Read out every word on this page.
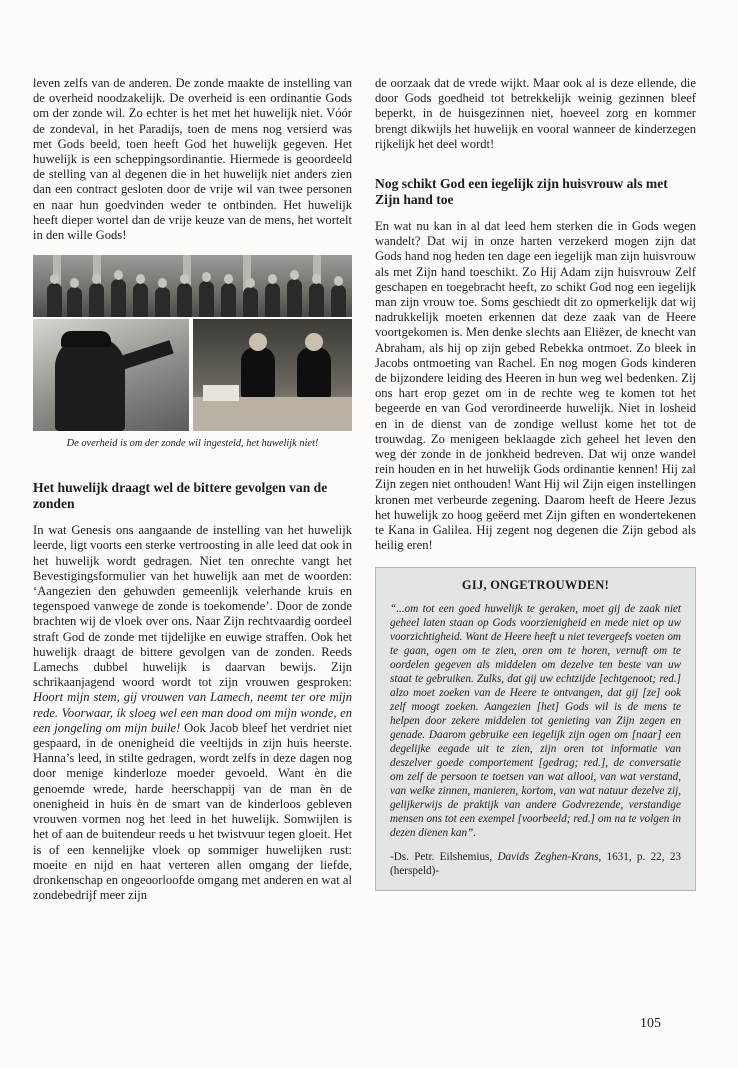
leven zelfs van de anderen. De zonde maakte de instelling van de overheid noodzakelijk. De overheid is een ordinantie Gods om der zonde wil. Zo echter is het met het huwelijk niet. Vóór de zondeval, in het Paradijs, toen de mens nog versierd was met Gods beeld, toen heeft God het huwelijk gegeven. Het huwelijk is een scheppingsordinantie. Hiermede is geoordeeld de stelling van al degenen die in het huwelijk niet anders zien dan een contract gesloten door de vrije wil van twee personen en naar hun goedvinden weder te ontbinden. Het huwelijk heeft dieper wortel dan de vrije keuze van de mens, het wortelt in den wille Gods!

De overheid is om der zonde wil ingesteld, het huwelijk niet!
Het huwelijk draagt wel de bittere gevolgen van de zonden

In wat Genesis ons aangaande de instelling van het huwelijk leerde, ligt voorts een sterke vertroosting in alle leed dat ook in het huwelijk wordt gedragen. Niet ten onrechte vangt het Bevestigingsformulier van het huwelijk aan met de woorden: ‘Aangezien den gehuwden gemeenlijk velerhande kruis en tegenspoed vanwege de zonde is toekomende’. Door de zonde brachten wij de vloek over ons. Naar Zijn rechtvaardig oordeel straft God de zonde met tijdelijke en euwige straffen. Ook het huwelijk draagt de bittere gevolgen van de zonden. Reeds Lamechs dubbel huwelijk is daarvan bewijs. Zijn schrikaanjagend woord wordt tot zijn vrouwen gesproken: Hoort mijn stem, gij vrouwen van Lamech, neemt ter ore mijn rede. Voorwaar, ik sloeg wel een man dood om mijn wonde, en een jongeling om mijn buile! Ook Jacob bleef het verdriet niet gespaard, in de onenigheid die veeltijds in zijn huis heerste. Hanna’s leed, in stilte gedragen, wordt zelfs in deze dagen nog door menige kinderloze moeder gevoeld. Want èn die genoemde wrede, harde heerschappij van de man èn de onenigheid in huis èn de smart van de kinderloos gebleven vrouwen vormen nog het leed in het huwelijk. Somwijlen is het of aan de buitendeur reeds u het twistvuur tegen gloeit. Het is of een kennelijke vloek op sommiger huwelijken rust: moeite en nijd en haat verteren allen omgang der liefde, dronkenschap en ongeoorloofde omgang met anderen en wat al zondebedrijf meer zijn

de oorzaak dat de vrede wijkt. Maar ook al is deze ellende, die door Gods goedheid tot betrekkelijk weinig gezinnen bleef beperkt, in de huisgezinnen niet, hoeveel zorg en kommer brengt dikwijls het huwelijk en vooral wanneer de kinderzegen rijkelijk het deel wordt!

Nog schikt God een iegelijk zijn huisvrouw als met Zijn hand toe

En wat nu kan in al dat leed hem sterken die in Gods wegen wandelt? Dat wij in onze harten verzekerd mogen zijn dat Gods hand nog heden ten dage een iegelijk man zijn huisvrouw als met Zijn hand toeschikt. Zo Hij Adam zijn huisvrouw Zelf geschapen en toegebracht heeft, zo schikt God nog een iegelijk man zijn vrouw toe. Soms geschiedt dit zo opmerkelijk dat wij nadrukkelijk moeten erkennen dat deze zaak van de Heere voortgekomen is. Men denke slechts aan Eliëzer, de knecht van Abraham, als hij op zijn gebed Rebekka ontmoet. Zo bleek in Jacobs ontmoeting van Rachel. En nog mogen Gods kinderen de bijzondere leiding des Heeren in hun weg wel bedenken. Zij ons hart erop gezet om in de rechte weg te komen tot het begeerde en van God verordineerde huwelijk. Niet in losheid en in de dienst van de zondige wellust kome het tot de trouwdag. Zo menigeen beklaagde zich geheel het leven den weg der zonde in de jonkheid bedreven. Dat wij onze wandel rein houden en in het huwelijk Gods ordinantie kennen! Hij zal Zijn zegen niet onthouden! Want Hij wil Zijn eigen instellingen kronen met verbeurde zegening. Daarom heeft de Heere Jezus het huwelijk zo hoog geëerd met Zijn giften en wondertekenen te Kana in Galilea. Hij zegent nog degenen die Zijn gebod als heilig eren!

GIJ, ONGETROUWDEN!

“...om tot een goed huwelijk te geraken, moet gij de zaak niet geheel laten staan op Gods voorzienigheid en mede niet op uw voorzichtigheid. Want de Heere heeft u niet tevergeefs voeten om te gaan, ogen om te zien, oren om te horen, vernuft om te oordelen gegeven als middelen om dezelve ten beste van uw staat te gebruiken. Zulks, dat gij uw echtzijde [echtgenoot; red.] alzo moet zoeken van de Heere te ontvangen, dat gij [ze] ook zelf moogt zoeken. Aangezien [het] Gods wil is de mens te helpen door zekere middelen tot genieting van Zijn zegen en genade. Daarom gebruike een iegelijk zijn ogen om [naar] een degelijke eegade uit te zien, zijn oren tot informatie van deszelver goede comportement [gedrag; red.], de conversatie om zelf de persoon te toetsen van wat allooi, van wat verstand, van welke zinnen, manieren, kortom, van wat natuur dezelve zij, gelijkerwijs de praktijk van andere Godvrezende, verstandige mensen ons tot een exempel [voorbeeld; red.] om na te volgen in dezen dienen kan”.

-Ds. Petr. Eilshemius, Davids Zeghen-Krans, 1631, p. 22, 23 (herspeld)-

105
